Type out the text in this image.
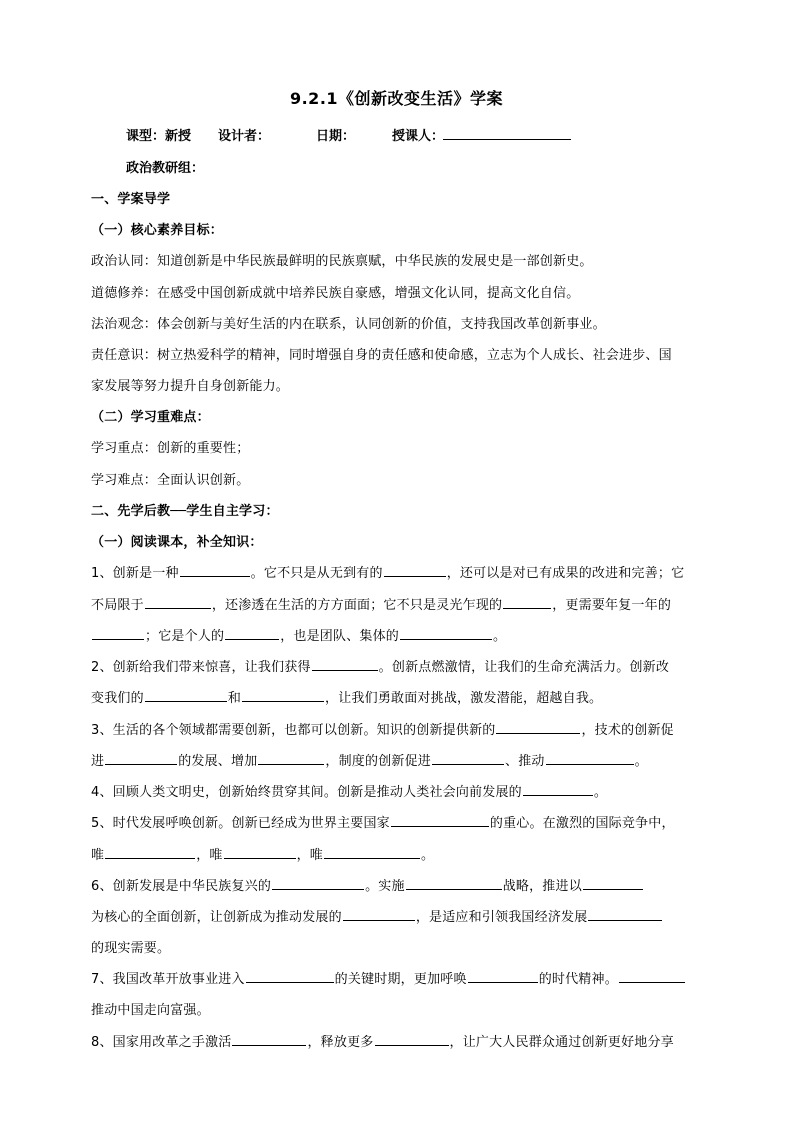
9.2.1《创新改变生活》学案
课型：新授 设计者：	日期：	授课人：
政治教研组：
一、学案导学
（一）核心素养目标：
政治认同：知道创新是中华民族最鲜明的民族禀赋，中华民族的发展史是一部创新史。
道德修养：在感受中国创新成就中培养民族自豪感，增强文化认同，提高文化自信。
法治观念：体会创新与美好生活的内在联系，认同创新的价值，支持我国改革创新事业。
责任意识：树立热爱科学的精神，同时增强自身的责任感和使命感，立志为个人成长、社会进步、国
家发展等努力提升自身创新能力。
（二）学习重难点：
学习重点：创新的重要性；
学习难点：全面认识创新。
二、先学后教──学生自主学习：
（一）阅读课本，补全知识：
1、创新是一种	。它不只是从无到有的	，还可以是对已有成果的改进和完善；它
不局限于	，还渗透在生活的方方面面；它不只是灵光乍现的	，更需要年复一年的
；它是个人的	，也是团队、集体的	。
2、创新给我们带来惊喜，让我们获得	。创新点燃激情，让我们的生命充满活力。创新改
变我们的	和	，让我们勇敢面对挑战，激发潜能，超越自我。
3、生活的各个领域都需要创新，也都可以创新。知识的创新提供新的	，技术的创新促
进	的发展、增加	，制度的创新促进	、推动	。
4、回顾人类文明史，创新始终贯穿其间。创新是推动人类社会向前发展的	。
5、时代发展呼唤创新。创新已经成为世界主要国家	的重心。在激烈的国际竞争中，
唯	，唯	，唯	。
6、创新发展是中华民族复兴的	。实施	战略，推进以
为核心的全面创新，让创新成为推动发展的	，是适应和引领我国经济发展
的现实需要。
7、我国改革开放事业进入	的关键时期，更加呼唤	的时代精神。
推动中国走向富强。
8、国家用改革之手激活	，释放更多	，让广大人民群众通过创新更好地分享
